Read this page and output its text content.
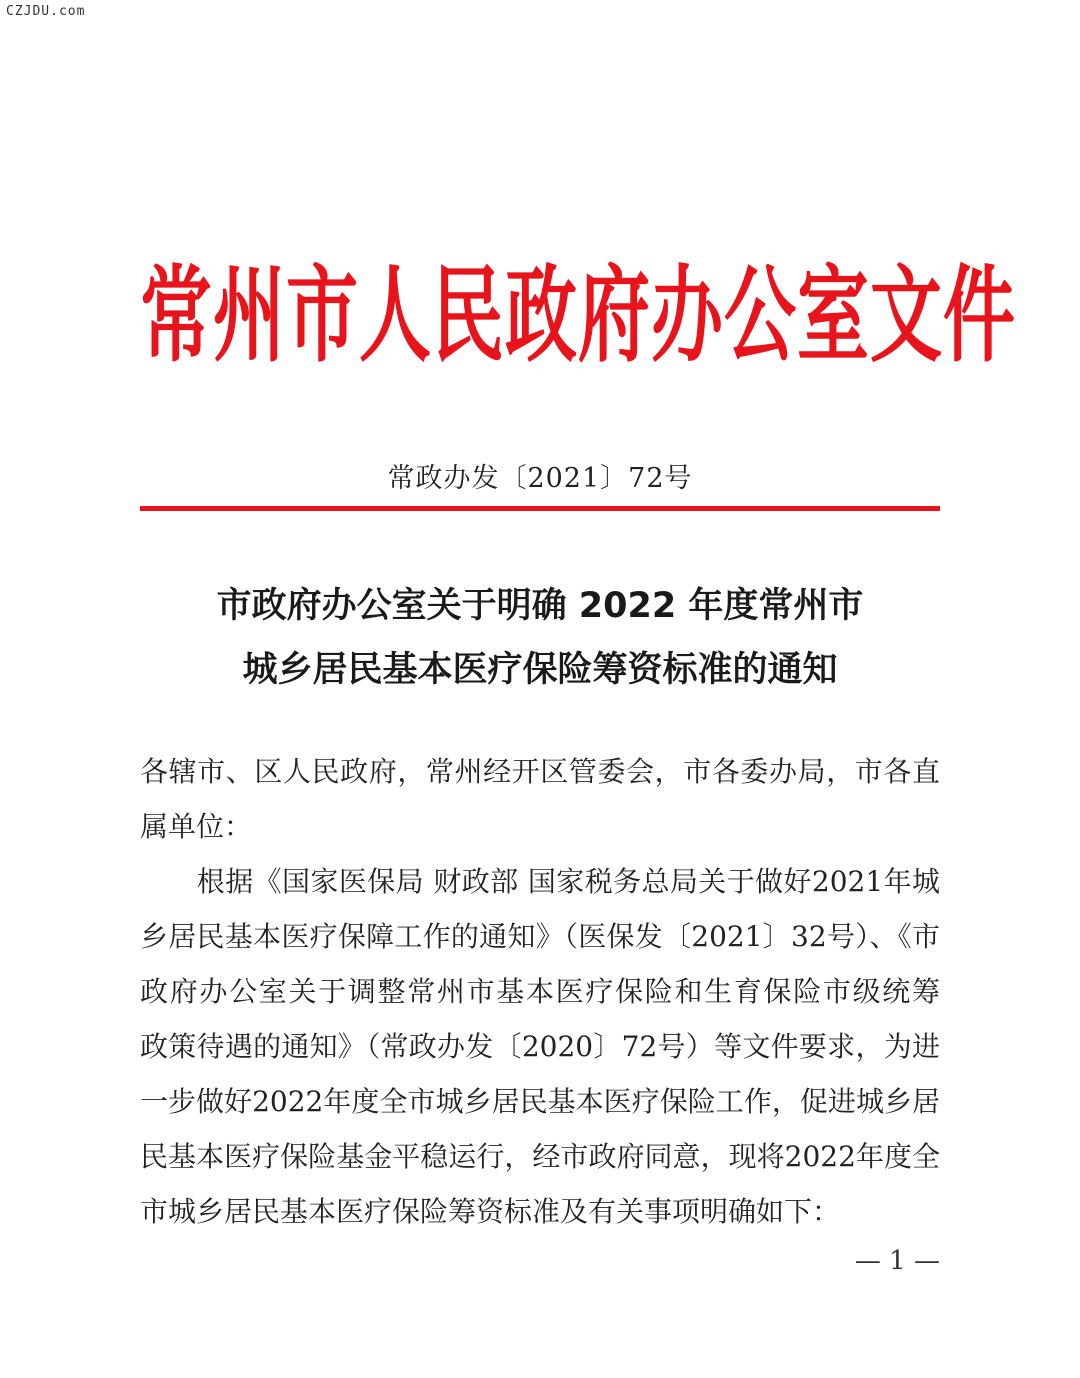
CZJDU.com
常州市人民政府办公室文件
常政办发〔2021〕72号
市政府办公室关于明确 2022 年度常州市
城乡居民基本医疗保险筹资标准的通知
各辖市、区人民政府，常州经开区管委会，市各委办局，市各直
属单位：
　　根据《国家医保局 财政部 国家税务总局关于做好2021年城
乡居民基本医疗保障工作的通知》（医保发〔2021〕32号）、《市
政府办公室关于调整常州市基本医疗保险和生育保险市级统筹
政策待遇的通知》（常政办发〔2020〕72号）等文件要求，为进
一步做好2022年度全市城乡居民基本医疗保险工作，促进城乡居
民基本医疗保险基金平稳运行，经市政府同意，现将2022年度全
市城乡居民基本医疗保险筹资标准及有关事项明确如下：
— 1 —
